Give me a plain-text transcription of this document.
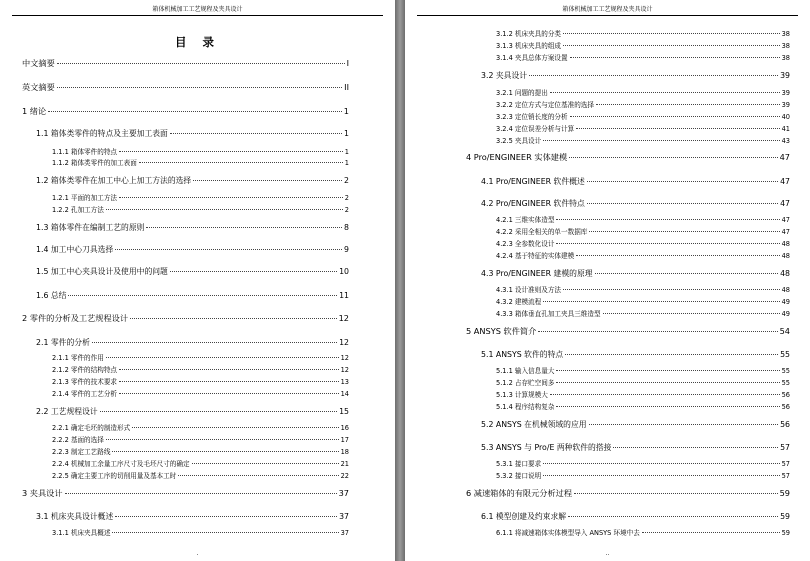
箱体机械加工工艺规程及夹具设计
目 录
中文摘要	I
英文摘要	II
1 绪论	1
1.1 箱体类零件的特点及主要加工表面	1
1.1.1 箱体零件的特点	1
1.1.2 箱体类零件的加工表面	1
1.2 箱体类零件在加工中心上加工方法的选择	2
1.2.1 平面的加工方法	2
1.2.2 孔加工方法	2
1.3 箱体零件在编制工艺的原则	8
1.4 加工中心刀具选择	9
1.5 加工中心夹具设计及使用中的问题	10
1.6 总结	11
2 零件的分析及工艺规程设计	12
2.1 零件的分析	12
2.1.1 零件的作用	12
2.1.2 零件的结构特点	12
2.1.3 零件的技术要求	13
2.1.4 零件的工艺分析	14
2.2 工艺规程设计	15
2.2.1 确定毛坯的制造形式	16
2.2.2 基面的选择	17
2.2.3 制定工艺路线	18
2.2.4 机械加工余量工序尺寸及毛坯尺寸的确定	21
2.2.5 确定主要工序的切削用量及基本工时	22
3 夹具设计	37
3.1 机床夹具设计概述	37
3.1.1 机床夹具概述	37
.
箱体机械加工工艺规程及夹具设计
3.1.2 机床夹具的分类	38
3.1.3 机床夹具的组成	38
3.1.4 夹具总体方案设置	38
3.2 夹具设计	39
3.2.1 问题的提出	39
3.2.2 定位方式与定位基准的选择	39
3.2.3 定位销长度的分析	40
3.2.4 定位误差分析与计算	41
3.2.5 夹具设计	43
4 Pro/ENGINEER 实体建模	47
4.1 Pro/ENGINEER 软件概述	47
4.2 Pro/ENGINEER 软件特点	47
4.2.1 三维实体造型	47
4.2.2 采用全相关的单一数据库	47
4.2.3 全参数化设计	48
4.2.4 基于特征的实体建模	48
4.3 Pro/ENGINEER 建模的原理	48
4.3.1 设计准则及方法	48
4.3.2 建模流程	49
4.3.3 箱体垂直孔加工夹具三维造型	49
5 ANSYS 软件简介	54
5.1 ANSYS 软件的特点	55
5.1.1 输入信息量大	55
5.1.2 占存贮空间多	55
5.1.3 计算规模大	56
5.1.4 程序结构复杂	56
5.2 ANSYS 在机械领域的应用	56
5.3 ANSYS 与 Pro/E 两种软件的搭接	57
5.3.1 接口要求	57
5.3.2 接口说明	57
6 减速箱体的有限元分析过程	59
6.1 模型创建及约束求解	59
6.1.1 将减速箱体实体模型导入 ANSYS 环境中去	59
..
